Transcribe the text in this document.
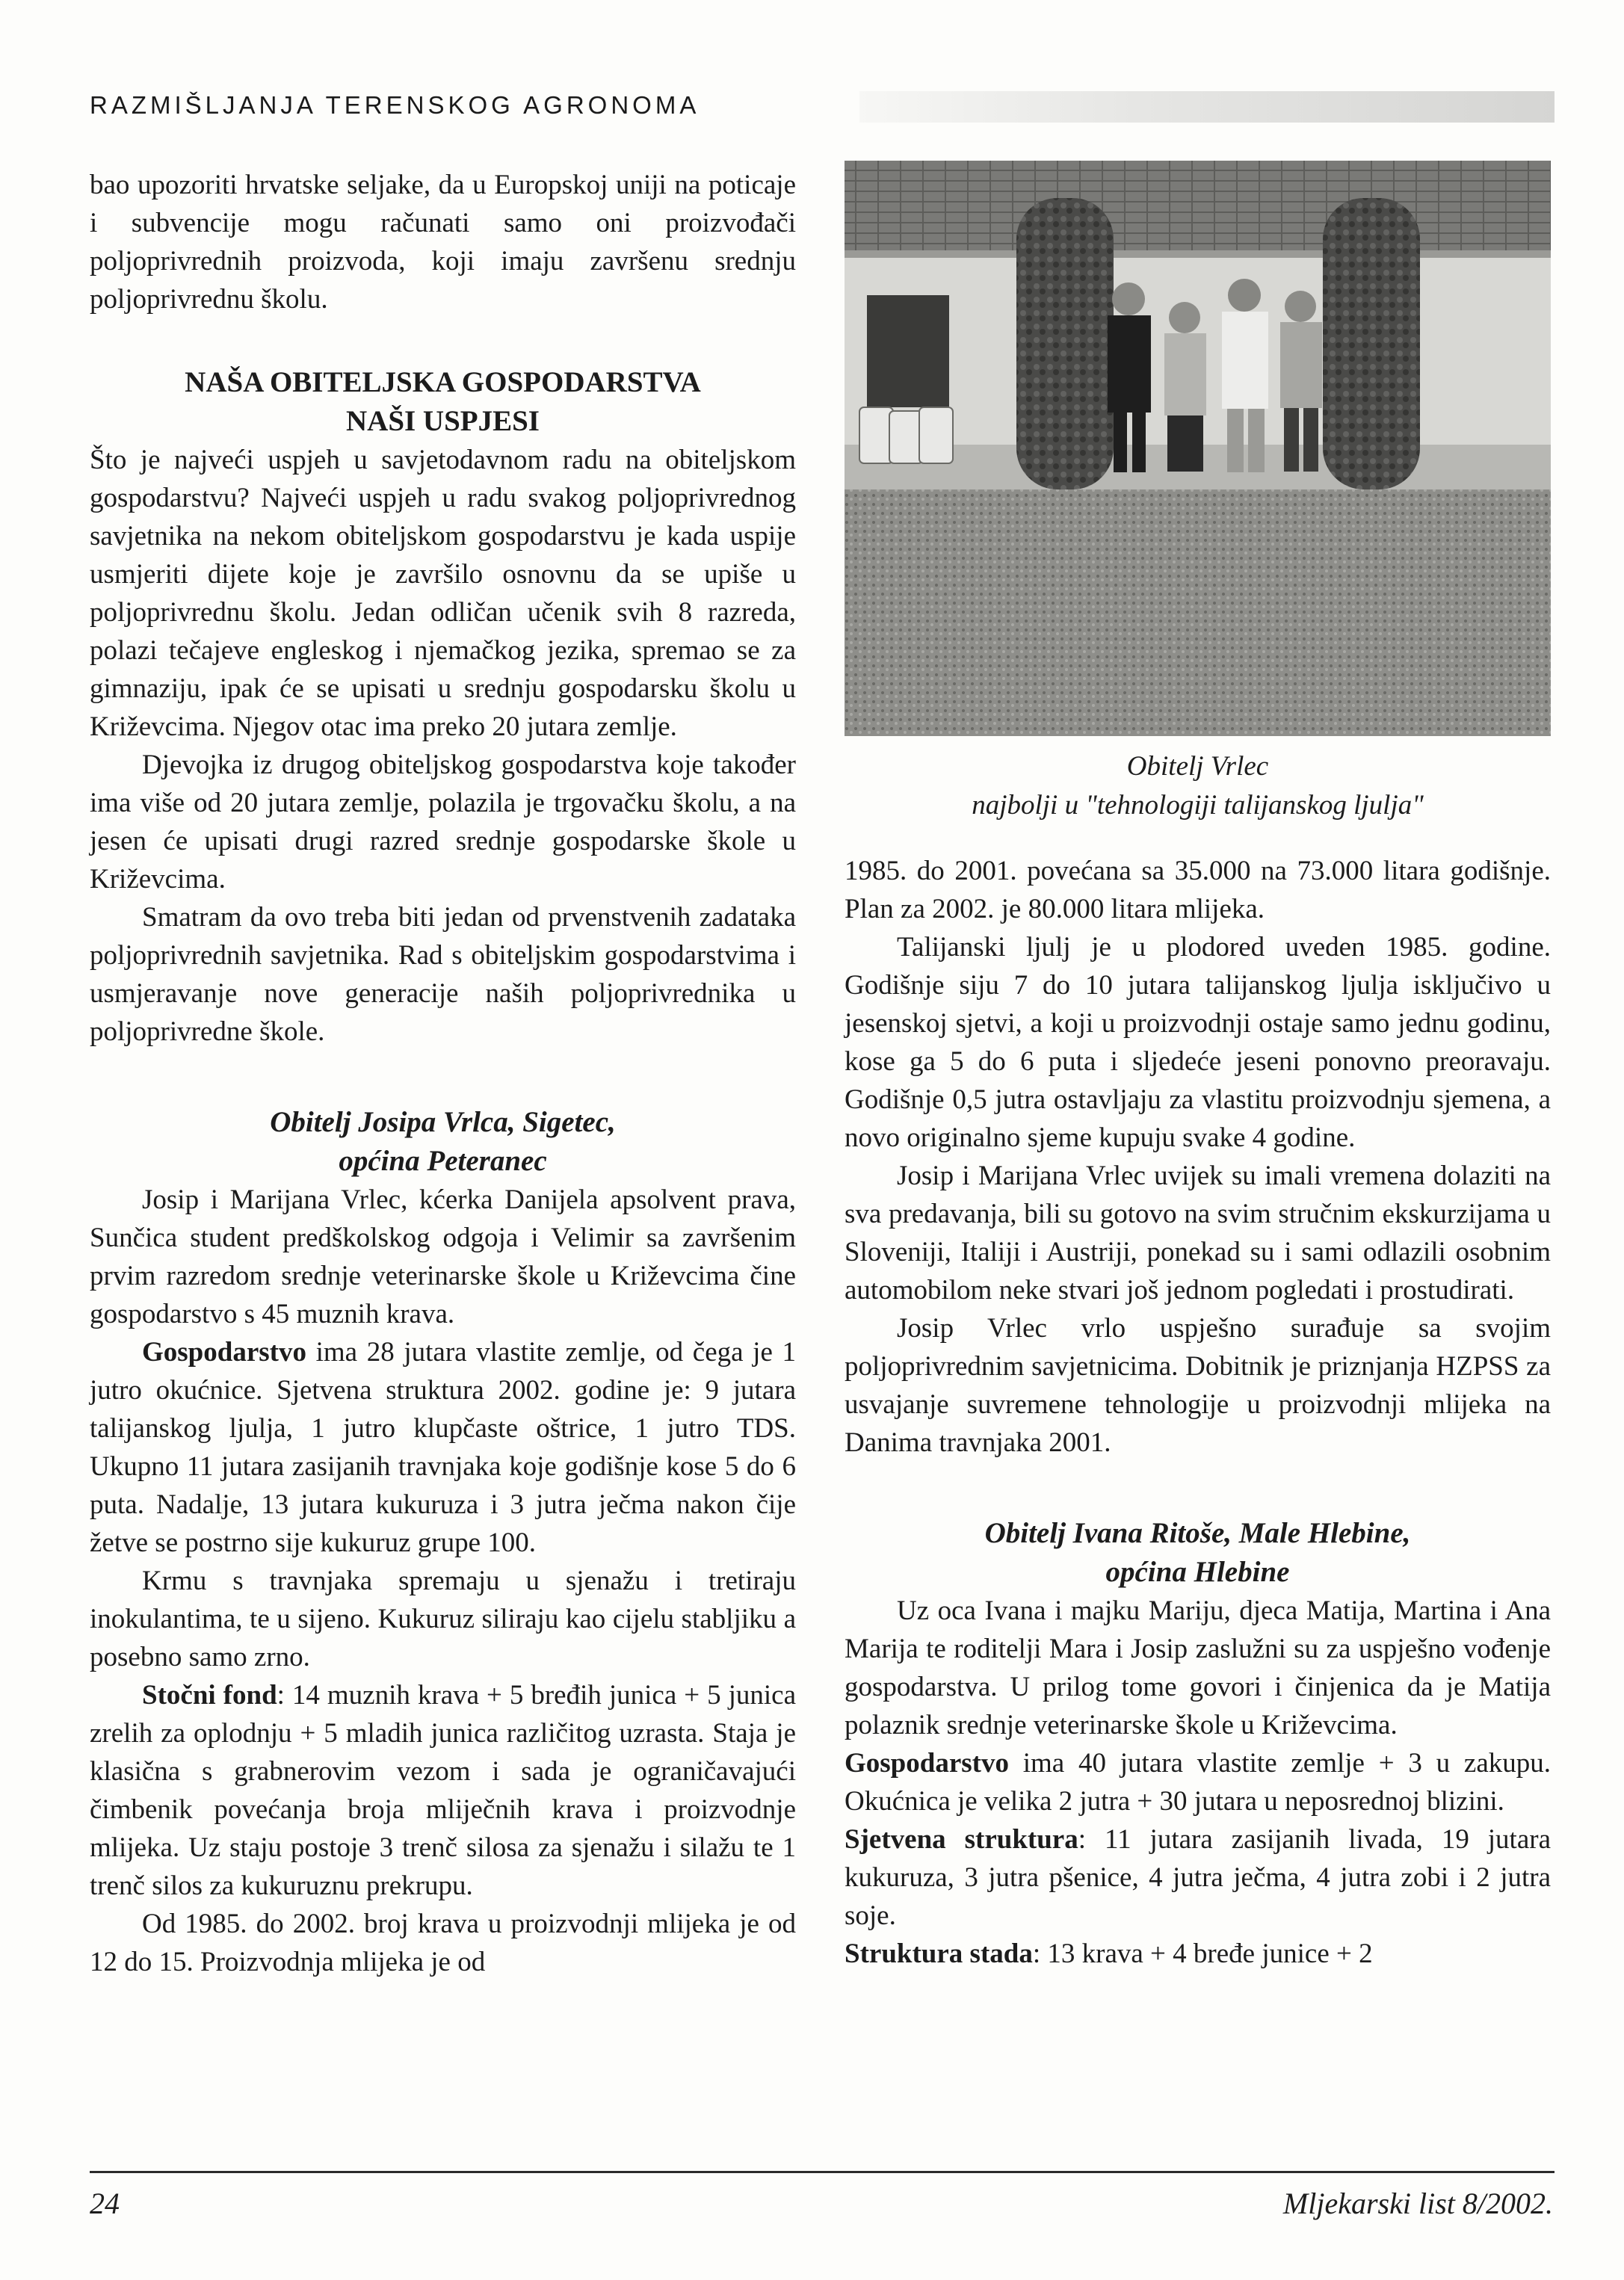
RAZMIŠLJANJA TERENSKOG AGRONOMA

bao upozoriti hrvatske seljake, da u Europskoj uniji na poticaje i subvencije mogu računati samo oni proizvođači poljoprivrednih proizvoda, koji imaju završenu srednju poljoprivrednu školu.

NAŠA OBITELJSKA GOSPODARSTVA
NAŠI USPJESI

Što je najveći uspjeh u savjetodavnom radu na obiteljskom gospodarstvu? Najveći uspjeh u radu svakog poljoprivrednog savjetnika na nekom obiteljskom gospodarstvu je kada uspije usmjeriti dijete koje je završilo osnovnu da se upiše u poljoprivrednu školu. Jedan odličan učenik svih 8 razreda, polazi tečajeve engleskog i njemačkog jezika, spremao se za gimnaziju, ipak će se upisati u srednju gospodarsku školu u Križevcima. Njegov otac ima preko 20 jutara zemlje.

Djevojka iz drugog obiteljskog gospodarstva koje također ima više od 20 jutara zemlje, polazila je trgovačku školu, a na jesen će upisati drugi razred srednje gospodarske škole u Križevcima.

Smatram da ovo treba biti jedan od prvenstvenih zadataka poljoprivrednih savjetnika. Rad s obiteljskim gospodarstvima i usmjeravanje nove generacije naših poljoprivrednika u poljoprivredne škole.

Obitelj Josipa Vrlca, Sigetec,
općina Peteranec

Josip i Marijana Vrlec, kćerka Danijela apsolvent prava, Sunčica student predškolskog odgoja i Velimir sa završenim prvim razredom srednje veterinarske škole u Križevcima čine gospodarstvo s 45 muznih krava.

Gospodarstvo ima 28 jutara vlastite zemlje, od čega je 1 jutro okućnice. Sjetvena struktura 2002. godine je: 9 jutara talijanskog ljulja, 1 jutro klupčaste oštrice, 1 jutro TDS. Ukupno 11 jutara zasijanih travnjaka koje godišnje kose 5 do 6 puta. Nadalje, 13 jutara kukuruza i 3 jutra ječma nakon čije žetve se postrno sije kukuruz grupe 100.

Krmu s travnjaka spremaju u sjenažu i tretiraju inokulantima, te u sijeno. Kukuruz siliraju kao cijelu stabljiku a posebno samo zrno.

Stočni fond: 14 muznih krava + 5 bređih junica + 5 junica zrelih za oplodnju + 5 mladih junica različitog uzrasta. Staja je klasična s grabnerovim vezom i sada je ograničavajući čimbenik povećanja broja mliječnih krava i proizvodnje mlijeka. Uz staju postoje 3 trenč silosa za sjenažu i silažu te 1 trenč silos za kukuruznu prekrupu.

Od 1985. do 2002. broj krava u proizvodnji mlijeka je od 12 do 15. Proizvodnja mlijeka je od

Obitelj Vrlec
najbolji u "tehnologiji talijanskog ljulja"

1985. do 2001. povećana sa 35.000 na 73.000 litara godišnje. Plan za 2002. je 80.000 litara mlijeka.

Talijanski ljulj je u plodored uveden 1985. godine. Godišnje siju 7 do 10 jutara talijanskog ljulja isključivo u jesenskoj sjetvi, a koji u proizvodnji ostaje samo jednu godinu, kose ga 5 do 6 puta i sljedeće jeseni ponovno preoravaju. Godišnje 0,5 jutra ostavljaju za vlastitu proizvodnju sjemena, a novo originalno sjeme kupuju svake 4 godine.

Josip i Marijana Vrlec uvijek su imali vremena dolaziti na sva predavanja, bili su gotovo na svim stručnim ekskurzijama u Sloveniji, Italiji i Austriji, ponekad su i sami odlazili osobnim automobilom neke stvari još jednom pogledati i prostudirati.

Josip Vrlec vrlo uspješno surađuje sa svojim poljoprivrednim savjetnicima. Dobitnik je priznjanja HZPSS za usvajanje suvremene tehnologije u proizvodnji mlijeka na Danima travnjaka 2001.

Obitelj Ivana Ritoše, Male Hlebine,
općina Hlebine

Uz oca Ivana i majku Mariju, djeca Matija, Martina i Ana Marija te roditelji Mara i Josip zaslužni su za uspješno vođenje gospodarstva. U prilog tome govori i činjenica da je Matija polaznik srednje veterinarske škole u Križevcima.

Gospodarstvo ima 40 jutara vlastite zemlje + 3 u zakupu. Okućnica je velika 2 jutra + 30 jutara u neposrednoj blizini.

Sjetvena struktura: 11 jutara zasijanih livada, 19 jutara kukuruza, 3 jutra pšenice, 4 jutra ječma, 4 jutra zobi i 2 jutra soje.

Struktura stada: 13 krava + 4 bređe junice + 2

24	Mljekarski list 8/2002.
